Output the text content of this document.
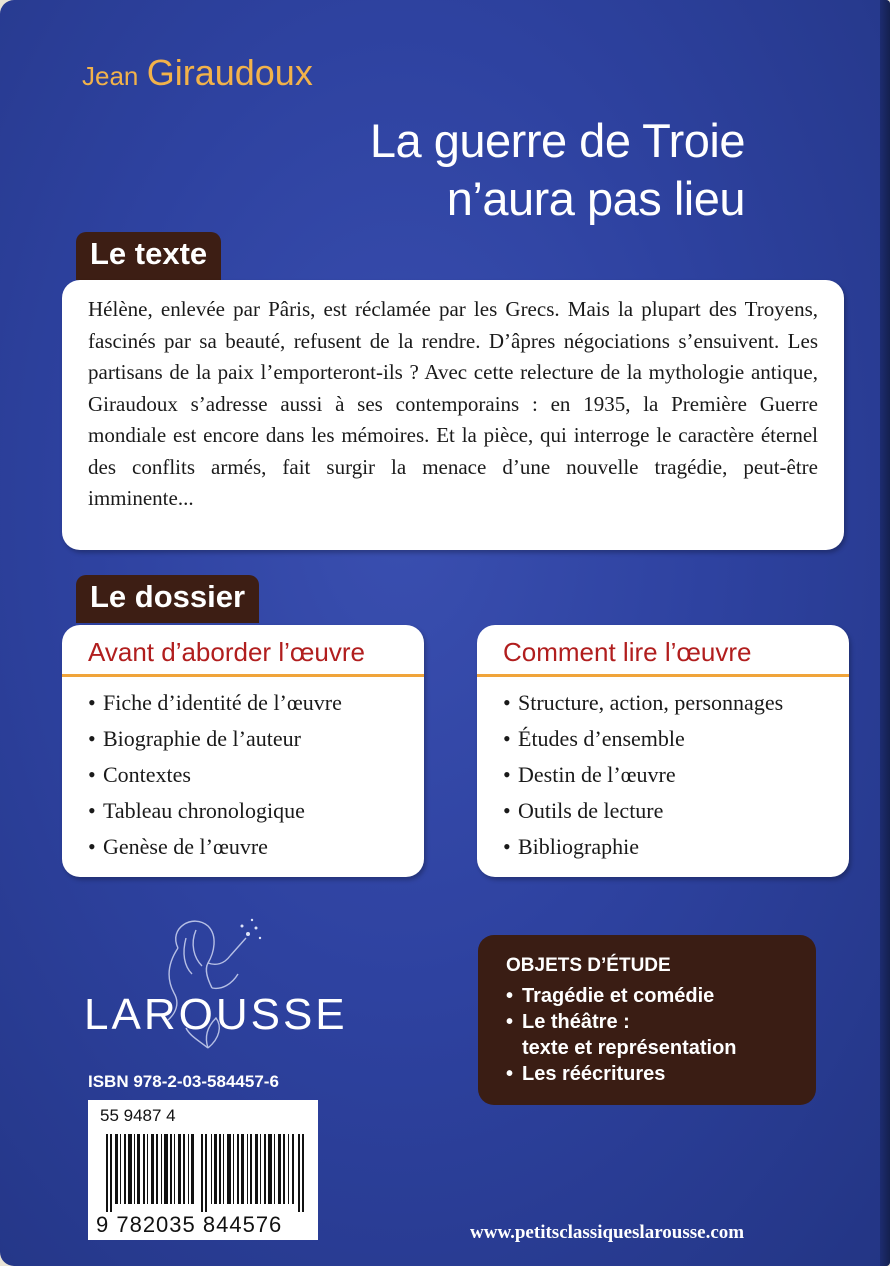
Jean Giraudoux
La guerre de Troie
n’aura pas lieu
Le texte
Hélène, enlevée par Pâris, est réclamée par les Grecs. Mais la plupart des Troyens, fascinés par sa beauté, refusent de la rendre. D’âpres négociations s’ensuivent. Les partisans de la paix l’emporteront-ils ? Avec cette relecture de la mythologie antique, Giraudoux s’adresse aussi à ses contemporains : en 1935, la Première Guerre mondiale est encore dans les mémoires. Et la pièce, qui interroge le caractère éternel des conflits armés, fait surgir la menace d’une nouvelle tragédie, peut-être imminente...
Le dossier
Avant d’aborder l’œuvre
• Fiche d’identité de l’œuvre
• Biographie de l’auteur
• Contextes
• Tableau chronologique
• Genèse de l’œuvre
Comment lire l’œuvre
• Structure, action, personnages
• Études d’ensemble
• Destin de l’œuvre
• Outils de lecture
• Bibliographie
LAROUSSE
ISBN 978-2-03-584457-6
55 9487 4
9 782035 844576
OBJETS D’ÉTUDE
• Tragédie et comédie
• Le théâtre :
texte et représentation
• Les réécritures
www.petitsclassiqueslarousse.com
